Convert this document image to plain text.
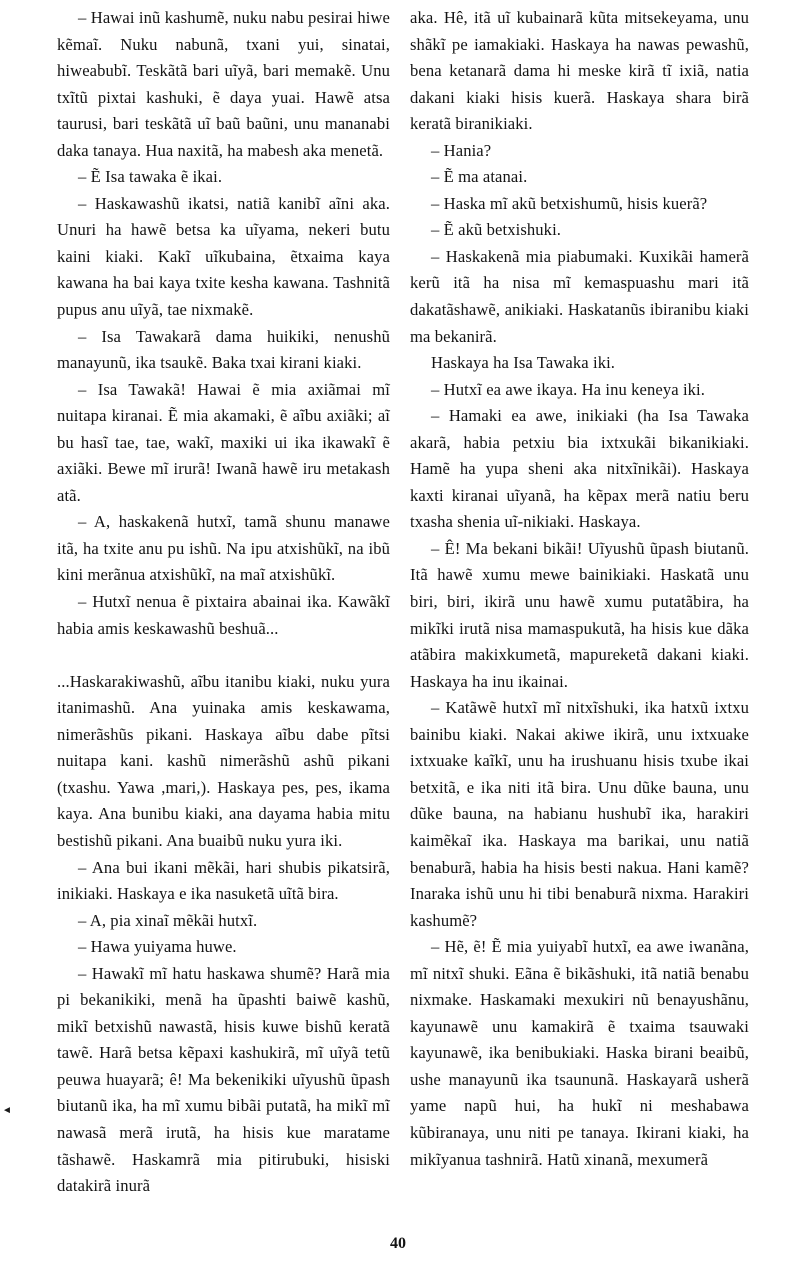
◄

– Hawai inũ kashumẽ, nuku nabu pesirai hiwe kẽmaĩ. Nuku nabunã, txani yui, sinatai, hiweabubĩ. Teskãtã bari uĩyã, bari memakẽ. Unu txĩtũ pixtai kashuki, ẽ daya yuai. Hawẽ atsa taurusi, bari teskãtã uĩ baũ baũni, unu mananabi daka tanaya. Hua naxitã, ha mabesh aka menetã.

– Ẽ Isa tawaka ẽ ikai.

– Haskawashũ ikatsi, natiã kanibĩ aĩni aka. Unuri ha hawẽ betsa ka uĩyama, nekeri butu kaini kiaki. Kakĩ uĩkubaina, ẽtxaima kaya kawana ha bai kaya txite kesha kawana. Tashnitã pupus anu uĩyã, tae nixmakẽ.

– Isa Tawakarã dama huikiki, nenushũ manayunũ, ika tsaukẽ. Baka txai kirani kiaki.

– Isa Tawakã! Hawai ẽ mia axiãmai mĩ nuitapa kiranai. Ẽ mia akamaki, ẽ aĩbu axiãki; aĩ bu hasĩ tae, tae, wakĩ, maxiki ui ika ikawakĩ ẽ axiãki. Bewe mĩ irurã! Iwanã hawẽ iru metakash atã.

– A, haskakenã hutxĩ, tamã shunu manawe itã, ha txite anu pu ishũ. Na ipu atxishũkĩ, na ibũ kini merãnua atxishũkĩ, na maĩ atxishũkĩ.

– Hutxĩ nenua ẽ pixtaira abainai ika. Kawãkĩ habia amis keskawashũ beshuã...

...Haskarakiwashũ, aĩbu itanibu kiaki, nuku yura itanimashũ. Ana yuinaka amis keskawama, nimerãshũs pikani. Haskaya aĩbu dabe pĩtsi nuitapa kani. kashũ nimerãshũ ashũ pikani (txashu. Yawa ,mari,). Haskaya pes, pes, ikama kaya. Ana bunibu kiaki, ana dayama habia mitu bestishũ pikani. Ana buaibũ nuku yura iki.

– Ana bui ikani mẽkãi, hari shubis pikatsirã, inikiaki. Haskaya e ika nasuketã uĩtã bira.

– A, pia xinaĩ mẽkãi hutxĩ.

– Hawa yuiyama huwe.

– Hawakĩ mĩ hatu haskawa shumẽ? Harã mia pi bekanikiki, menã ha ũpashti baiwẽ kashũ, mikĩ betxishũ nawastã, hisis kuwe bishũ keratã tawẽ. Harã betsa kẽpaxi kashukirã, mĩ uĩyã tetũ peuwa huayarã; ê! Ma bekenikiki uĩyushũ ũpash biutanũ ika, ha mĩ xumu bibãi putatã, ha mikĩ mĩ nawasã merã irutã, ha hisis kue maratame tãshawẽ. Haskamrã mia pitirubuki, hisiski datakirã inurã

aka. Hê, itã uĩ kubainarã kũta mitsekeyama, unu shãkĩ pe iamakiaki. Haskaya ha nawas pewashũ, bena ketanarã dama hi meske kirã tĩ ixiã, natia dakani kiaki hisis kuerã. Haskaya shara birã keratã biranikiaki.

– Hania?

– Ẽ ma atanai.

– Haska mĩ akũ betxishumũ, hisis kuerã?

– Ẽ akũ betxishuki.

– Haskakenã mia piabumaki. Kuxikãi hamerã kerũ itã ha nisa mĩ kemaspuashu mari itã dakatãshawẽ, anikiaki. Haskatanũs ibiranibu kiaki ma bekanirã.

Haskaya ha Isa Tawaka iki.

– Hutxĩ ea awe ikaya. Ha inu keneya iki.

– Hamaki ea awe, inikiaki (ha Isa Tawaka akarã, habia petxiu bia ixtxukãi bikanikiaki. Hamẽ ha yupa sheni aka nitxĩnikãi). Haskaya kaxti kiranai uĩyanã, ha kẽpax merã natiu beru txasha shenia uĩ-nikiaki. Haskaya.

– Ê! Ma bekani bikãi! Uĩyushũ ũpash biutanũ. Itã hawẽ xumu mewe bainikiaki. Haskatã unu biri, biri, ikirã unu hawẽ xumu putatãbira, ha mikĩki irutã nisa mamaspukutã, ha hisis kue dãka atãbira makixkumetã, mapureketã dakani kiaki. Haskaya ha inu ikainai.

– Katãwẽ hutxĩ mĩ nitxĩshuki, ika hatxũ ixtxu bainibu kiaki. Nakai akiwe ikirã, unu ixtxuake ixtxuake kaĩkĩ, unu ha irushuanu hisis txube ikai betxitã, e ika niti itã bira. Unu dũke bauna, unu dũke bauna, na habianu hushubĩ ika, harakiri kaimẽkaĩ ika. Haskaya ma barikai, unu natiã benaburã, habia ha hisis besti nakua. Hani kamẽ? Inaraka ishũ unu hi tibi benaburã nixma. Harakiri kashumẽ?

– Hẽ, ẽ! Ẽ mia yuiyabĩ hutxĩ, ea awe iwanãna, mĩ nitxĩ shuki. Eãna ẽ bikãshuki, itã natiã benabu nixmake. Haskamaki mexukiri nũ benayushãnu, kayunawẽ unu kamakirã ẽ txaima tsauwaki kayunawẽ, ika benibukiaki. Haska birani beaibũ, ushe manayunũ ika tsaununã. Haskayarã usherã yame napũ hui, ha hukĩ ni meshabawa kũbiranaya, unu niti pe tanaya. Ikirani kiaki, ha mikĩyanua tashnirã. Hatũ xinanã, mexumerã

40
